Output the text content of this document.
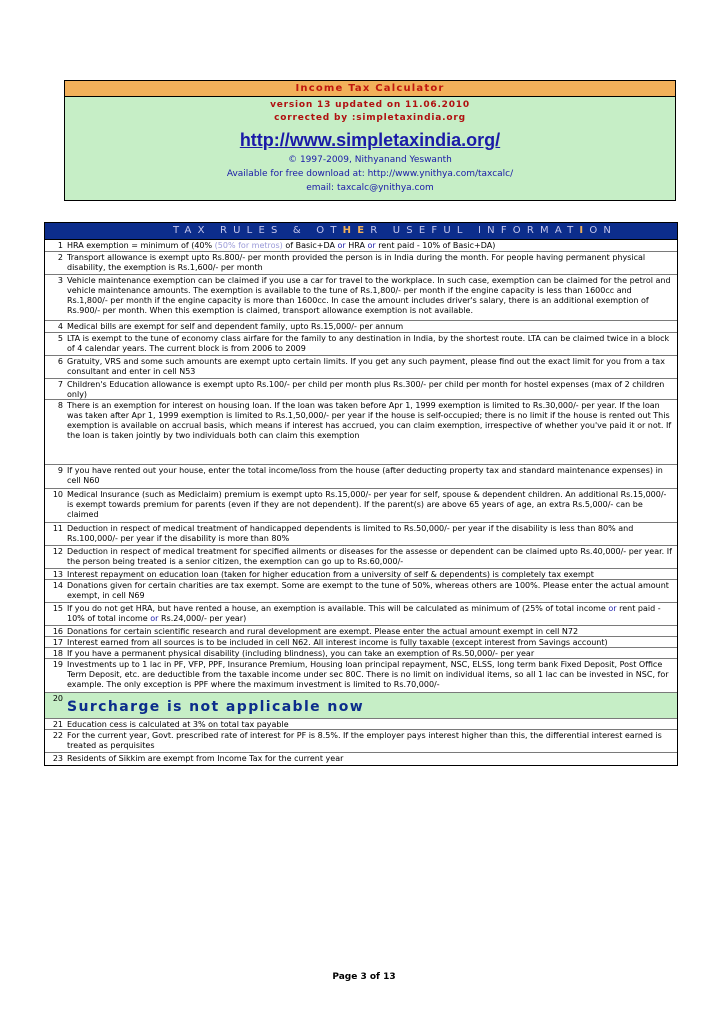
Income Tax Calculator
version 13 updated on 11.06.2010
corrected by :simpletaxindia.org
http://www.simpletaxindia.org/
© 1997-2009, Nithyanand Yeswanth
Available for free download at: http://www.ynithya.com/taxcalc/
email: taxcalc@ynithya.com
TAX RULES & OTHER USEFUL INFORMATION
1 HRA exemption = minimum of (40% (50% for metros) of Basic+DA or HRA or rent paid - 10% of Basic+DA)
2 Transport allowance is exempt upto Rs.800/- per month provided the person is in India during the month. For people having permanent physical disability, the exemption is Rs.1,600/- per month
3 Vehicle maintenance exemption can be claimed if you use a car for travel to the workplace. In such case, exemption can be claimed for the petrol and vehicle maintenance amounts. The exemption is available to the tune of Rs.1,800/- per month if the engine capacity is less than 1600cc and Rs.1,800/- per month if the engine capacity is more than 1600cc. In case the amount includes driver's salary, there is an additional exemption of Rs.900/- per month. When this exemption is claimed, transport allowance exemption is not available.
4 Medical bills are exempt for self and dependent family, upto Rs.15,000/- per annum
5 LTA is exempt to the tune of economy class airfare for the family to any destination in India, by the shortest route. LTA can be claimed twice in a block of 4 calendar years. The current block is from 2006 to 2009
6 Gratuity, VRS and some such amounts are exempt upto certain limits. If you get any such payment, please find out the exact limit for you from a tax consultant and enter in cell N53
7 Children's Education allowance is exempt upto Rs.100/- per child per month plus Rs.300/- per child per month for hostel expenses (max of 2 children only)
8 There is an exemption for interest on housing loan. If the loan was taken before Apr 1, 1999 exemption is limited to Rs.30,000/- per year. If the loan was taken after Apr 1, 1999 exemption is limited to Rs.1,50,000/- per year if the house is self-occupied; there is no limit if the house is rented out This exemption is available on accrual basis, which means if interest has accrued, you can claim exemption, irrespective of whether you've paid it or not. If the loan is taken jointly by two individuals both can claim this exemption
9 If you have rented out your house, enter the total income/loss from the house (after deducting property tax and standard maintenance expenses) in cell N60
10 Medical Insurance (such as Mediclaim) premium is exempt upto Rs.15,000/- per year for self, spouse & dependent children. An additional Rs.15,000/- is exempt towards premium for parents (even if they are not dependent). If the parent(s) are above 65 years of age, an extra Rs.5,000/- can be claimed
11 Deduction in respect of medical treatment of handicapped dependents is limited to Rs.50,000/- per year if the disability is less than 80% and Rs.100,000/- per year if the disability is more than 80%
12 Deduction in respect of medical treatment for specified ailments or diseases for the assesse or dependent can be claimed upto Rs.40,000/- per year. If the person being treated is a senior citizen, the exemption can go up to Rs.60,000/-
13 Interest repayment on education loan (taken for higher education from a university of self & dependents) is completely tax exempt
14 Donations given for certain charities are tax exempt. Some are exempt to the tune of 50%, whereas others are 100%. Please enter the actual amount exempt, in cell N69
15 If you do not get HRA, but have rented a house, an exemption is available. This will be calculated as minimum of (25% of total income or rent paid - 10% of total income or Rs.24,000/- per year)
16 Donations for certain scientific research and rural development are exempt. Please enter the actual amount exempt in cell N72
17 Interest earned from all sources is to be included in cell N62. All interest income is fully taxable (except interest from Savings account)
18 If you have a permanent physical disability (including blindness), you can take an exemption of Rs.50,000/- per year
19 Investments up to 1 lac in PF, VFP, PPF, Insurance Premium, Housing loan principal repayment, NSC, ELSS, long term bank Fixed Deposit, Post Office Term Deposit, etc. are deductible from the taxable income under sec 80C. There is no limit on individual items, so all 1 lac can be invested in NSC, for example. The only exception is PPF where the maximum investment is limited to Rs.70,000/-
20
Surcharge is not applicable now
21 Education cess is calculated at 3% on total tax payable
22 For the current year, Govt. prescribed rate of interest for PF is 8.5%. If the employer pays interest higher than this, the differential interest earned is treated as perquisites
23 Residents of Sikkim are exempt from Income Tax for the current year
Page 3 of 13
